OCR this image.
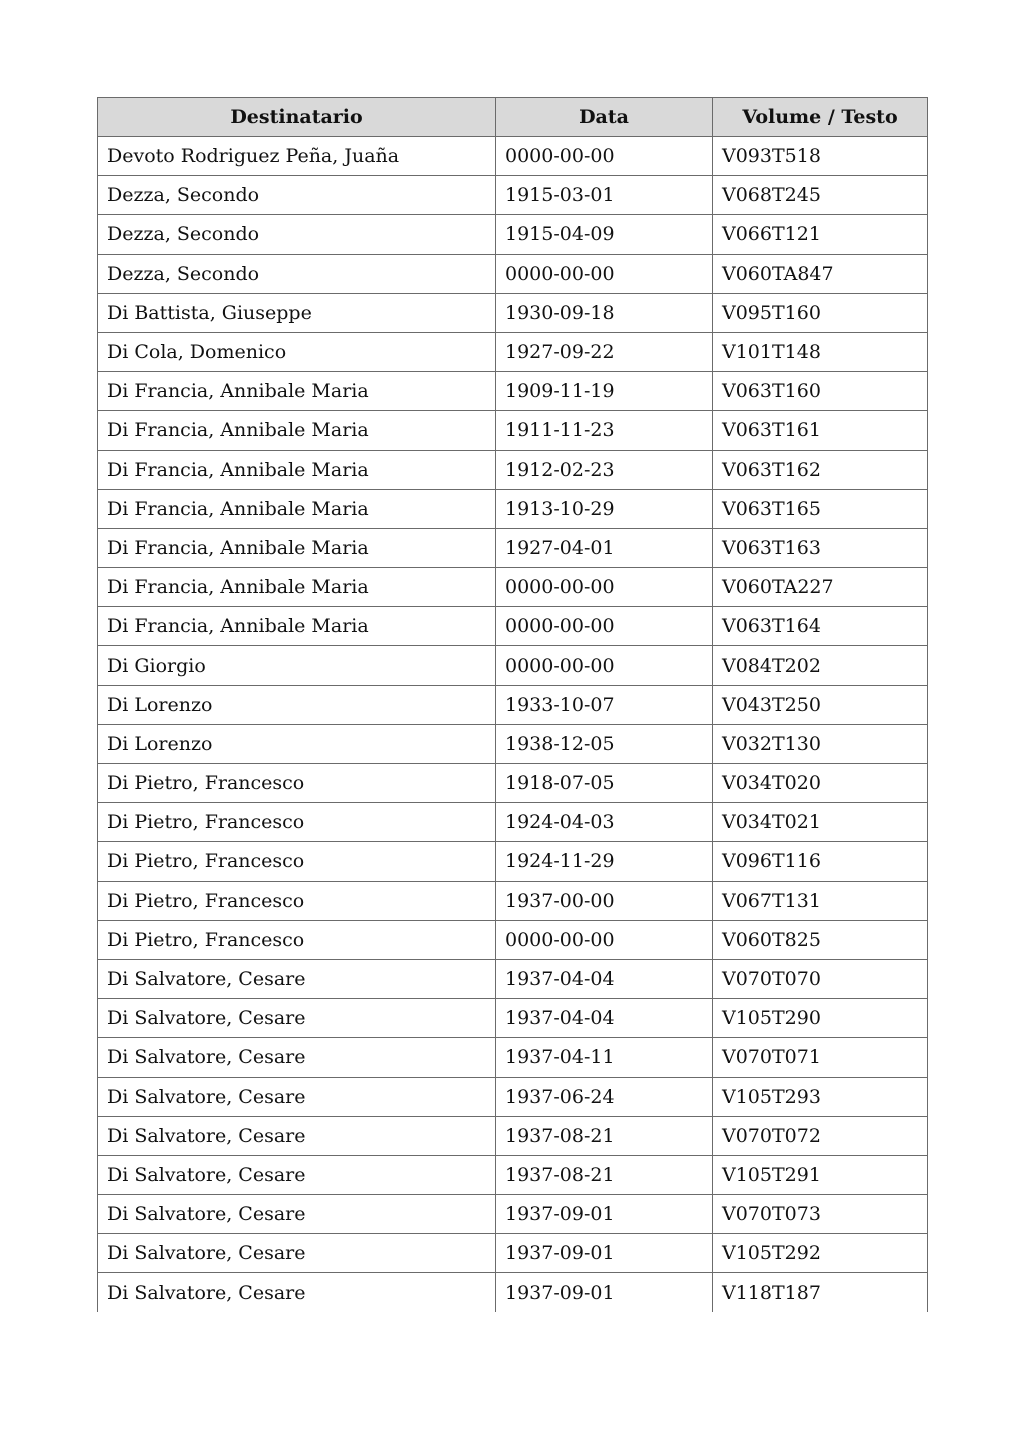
Destinatario	Data	Volume / Testo
Devoto Rodriguez Peña, Juaña	0000-00-00	V093T518
Dezza, Secondo	1915-03-01	V068T245
Dezza, Secondo	1915-04-09	V066T121
Dezza, Secondo	0000-00-00	V060TA847
Di Battista, Giuseppe	1930-09-18	V095T160
Di Cola, Domenico	1927-09-22	V101T148
Di Francia, Annibale Maria	1909-11-19	V063T160
Di Francia, Annibale Maria	1911-11-23	V063T161
Di Francia, Annibale Maria	1912-02-23	V063T162
Di Francia, Annibale Maria	1913-10-29	V063T165
Di Francia, Annibale Maria	1927-04-01	V063T163
Di Francia, Annibale Maria	0000-00-00	V060TA227
Di Francia, Annibale Maria	0000-00-00	V063T164
Di Giorgio	0000-00-00	V084T202
Di Lorenzo	1933-10-07	V043T250
Di Lorenzo	1938-12-05	V032T130
Di Pietro, Francesco	1918-07-05	V034T020
Di Pietro, Francesco	1924-04-03	V034T021
Di Pietro, Francesco	1924-11-29	V096T116
Di Pietro, Francesco	1937-00-00	V067T131
Di Pietro, Francesco	0000-00-00	V060T825
Di Salvatore, Cesare	1937-04-04	V070T070
Di Salvatore, Cesare	1937-04-04	V105T290
Di Salvatore, Cesare	1937-04-11	V070T071
Di Salvatore, Cesare	1937-06-24	V105T293
Di Salvatore, Cesare	1937-08-21	V070T072
Di Salvatore, Cesare	1937-08-21	V105T291
Di Salvatore, Cesare	1937-09-01	V070T073
Di Salvatore, Cesare	1937-09-01	V105T292
Di Salvatore, Cesare	1937-09-01	V118T187
